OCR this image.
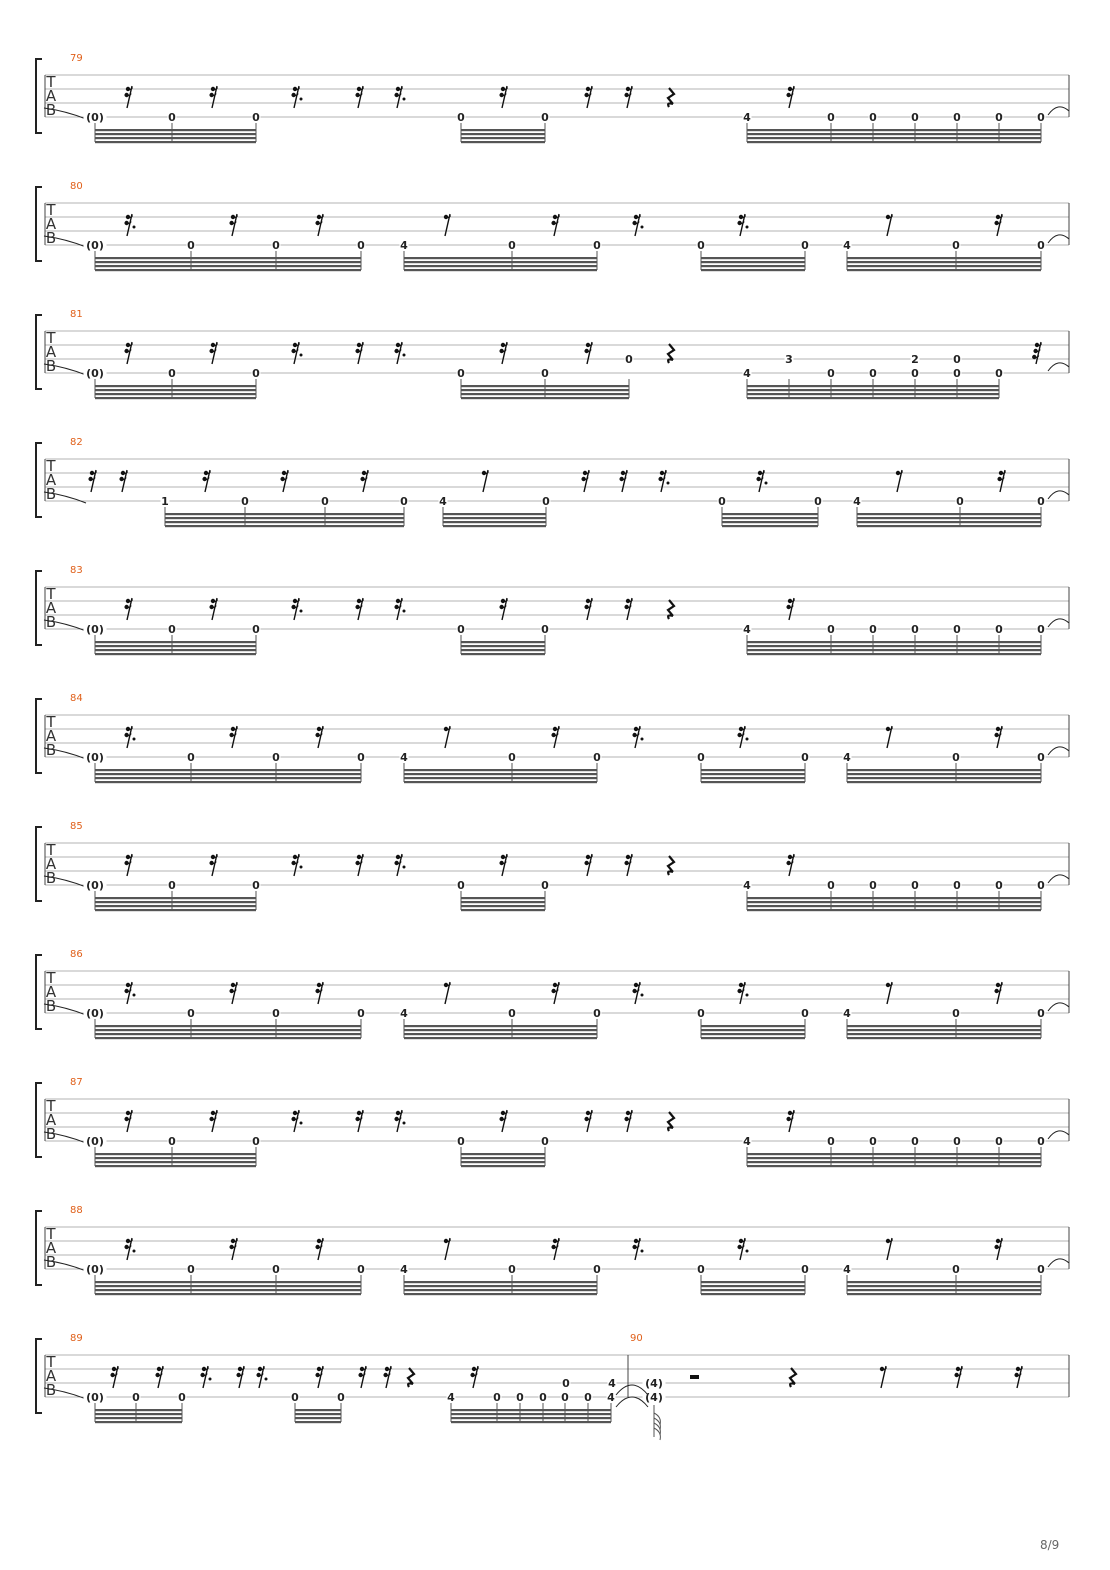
T
A
B
79
(0)	0	0	0	0	4	0	0	0	0	0	0
T
A
B
80
(0)	0	0	0	4	0	0	0	0	4	0	0
T
A
B
81
(0)	0	0	0	0
0
4
3
0	0
2	0
0	0	0
T
A
B
82
1	0	0	0	4	0	0	0	4	0	0
T
A
B
83
(0)	0	0	0	0	4	0	0	0	0	0	0
T
A
B
84
(0)	0	0	0	4	0	0	0	0	4	0	0
T
A
B
85
(0)	0	0	0	0	4	0	0	0	0	0	0
T
A
B
86
(0)	0	0	0	4	0	0	0	0	4	0	0
T
A
B
87
(0)	0	0	0	0	4	0	0	0	0	0	0
T
A
B
88
(0)	0	0	0	4	0	0	0	0	4	0	0
T
A
B
89	90
(0)	0	0	0	0	4	0 0 0 0 0 4
0	4	(4)
(4)
8/9
